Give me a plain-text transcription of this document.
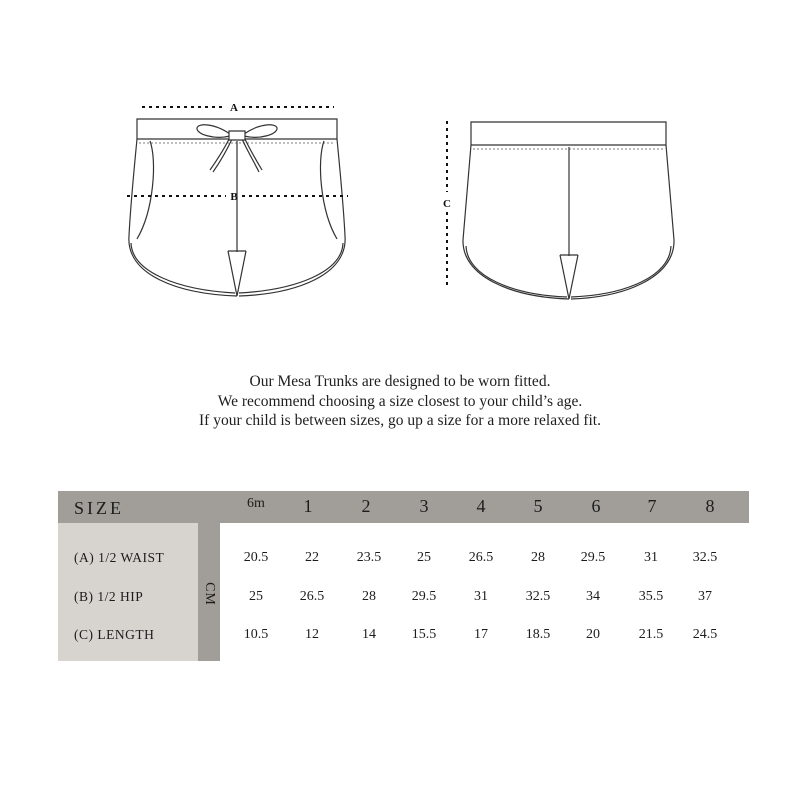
A
B
C
Our Mesa Trunks are designed to be worn fitted.
We recommend choosing a size closest to your child’s age.
If your child is between sizes, go up a size for a more relaxed fit.
SIZE	6m	1	2	3	4	5	6	7	8
CM
(A) 1/2 WAIST	20.5	22	23.5	25	26.5	28	29.5	31	32.5
(B) 1/2 HIP	25	26.5	28	29.5	31	32.5	34	35.5	37
(C) LENGTH	10.5	12	14	15.5	17	18.5	20	21.5	24.5
